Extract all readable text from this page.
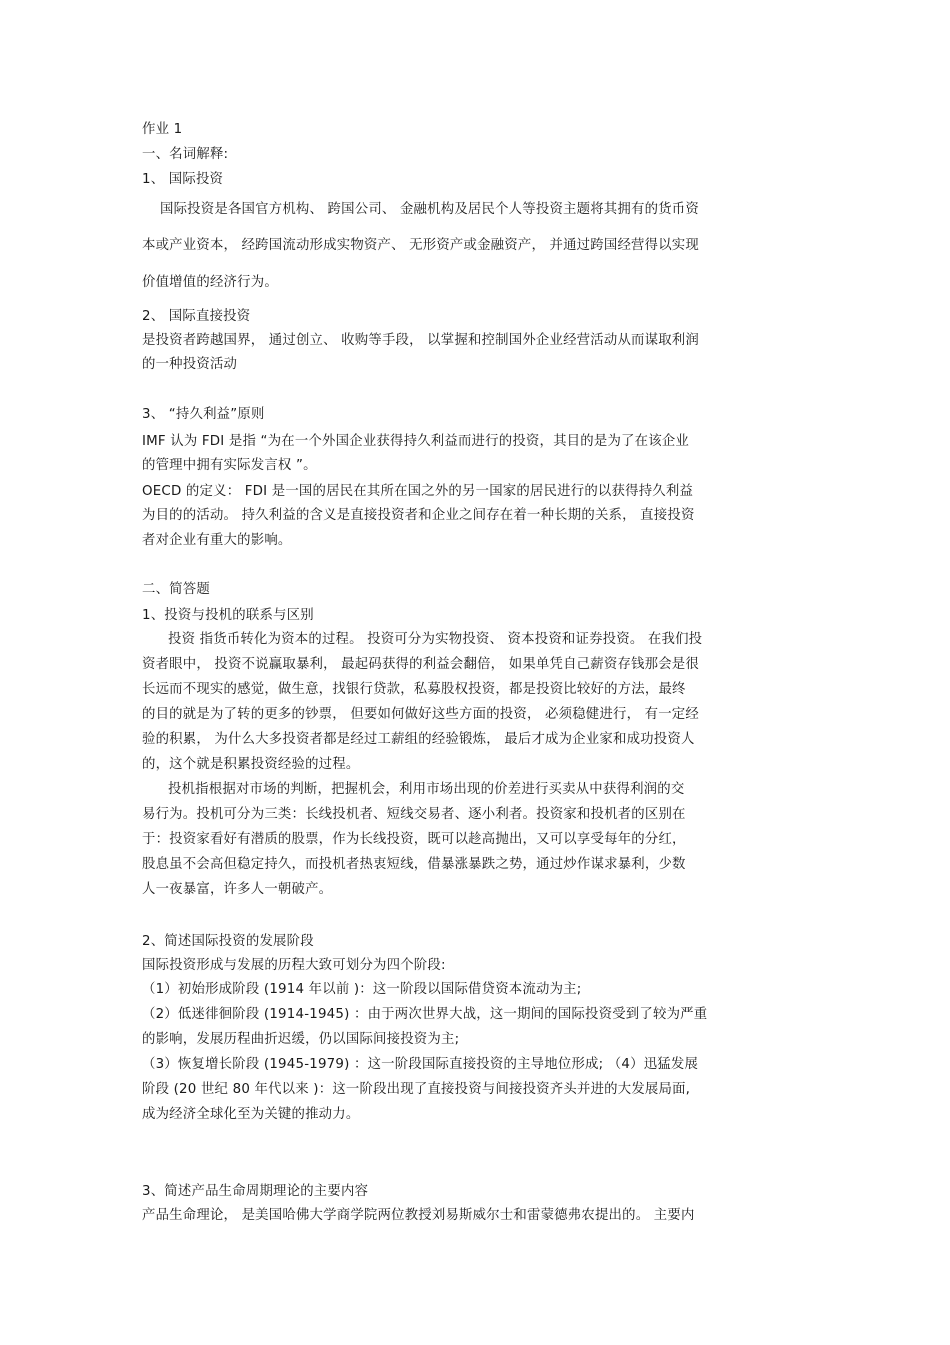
作业 1
一、名词解释:
1、 国际投资
国际投资是各国官方机构、 跨国公司、 金融机构及居民个人等投资主题将其拥有的货币资
本或产业资本， 经跨国流动形成实物资产、 无形资产或金融资产， 并通过跨国经营得以实现
价值增值的经济行为。
2、 国际直接投资
是投资者跨越国界， 通过创立、 收购等手段， 以掌握和控制国外企业经营活动从而谋取利润
的一种投资活动
3、 “持久利益”原则
IMF 认为 FDI 是指 “为在一个外国企业获得持久利益而进行的投资，其目的是为了在该企业
的管理中拥有实际发言权 ”。
OECD 的定义： FDI 是一国的居民在其所在国之外的另一国家的居民进行的以获得持久利益
为目的的活动。 持久利益的含义是直接投资者和企业之间存在着一种长期的关系， 直接投资
者对企业有重大的影响。
二、简答题
1、投资与投机的联系与区别
投资 指货币转化为资本的过程。 投资可分为实物投资、 资本投资和证券投资。 在我们投
资者眼中， 投资不说赢取暴利， 最起码获得的利益会翻倍， 如果单凭自己薪资存钱那会是很
长远而不现实的感觉，做生意，找银行贷款，私募股权投资，都是投资比较好的方法，最终
的目的就是为了转的更多的钞票， 但要如何做好这些方面的投资， 必须稳健进行， 有一定经
验的积累， 为什么大多投资者都是经过工薪组的经验锻炼， 最后才成为企业家和成功投资人
的，这个就是积累投资经验的过程。
投机指根据对市场的判断，把握机会，利用市场出现的价差进行买卖从中获得利润的交
易行为。投机可分为三类：长线投机者、短线交易者、逐小利者。投资家和投机者的区别在
于：投资家看好有潜质的股票，作为长线投资，既可以趁高抛出，又可以享受每年的分红，
股息虽不会高但稳定持久，而投机者热衷短线，借暴涨暴跌之势，通过炒作谋求暴利，少数
人一夜暴富，许多人一朝破产。
2、简述国际投资的发展阶段
国际投资形成与发展的历程大致可划分为四个阶段:
（1）初始形成阶段 (1914 年以前 )：这一阶段以国际借贷资本流动为主;
（2）低迷徘徊阶段 (1914-1945) ：由于两次世界大战，这一期间的国际投资受到了较为严重
的影响，发展历程曲折迟缓，仍以国际间接投资为主;
（3）恢复增长阶段 (1945-1979) ：这一阶段国际直接投资的主导地位形成; （4）迅猛发展
阶段 (20 世纪 80 年代以来 )：这一阶段出现了直接投资与间接投资齐头并进的大发展局面,
成为经济全球化至为关键的推动力。
3、简述产品生命周期理论的主要内容
产品生命理论， 是美国哈佛大学商学院两位教授刘易斯威尔士和雷蒙德弗农提出的。 主要内
